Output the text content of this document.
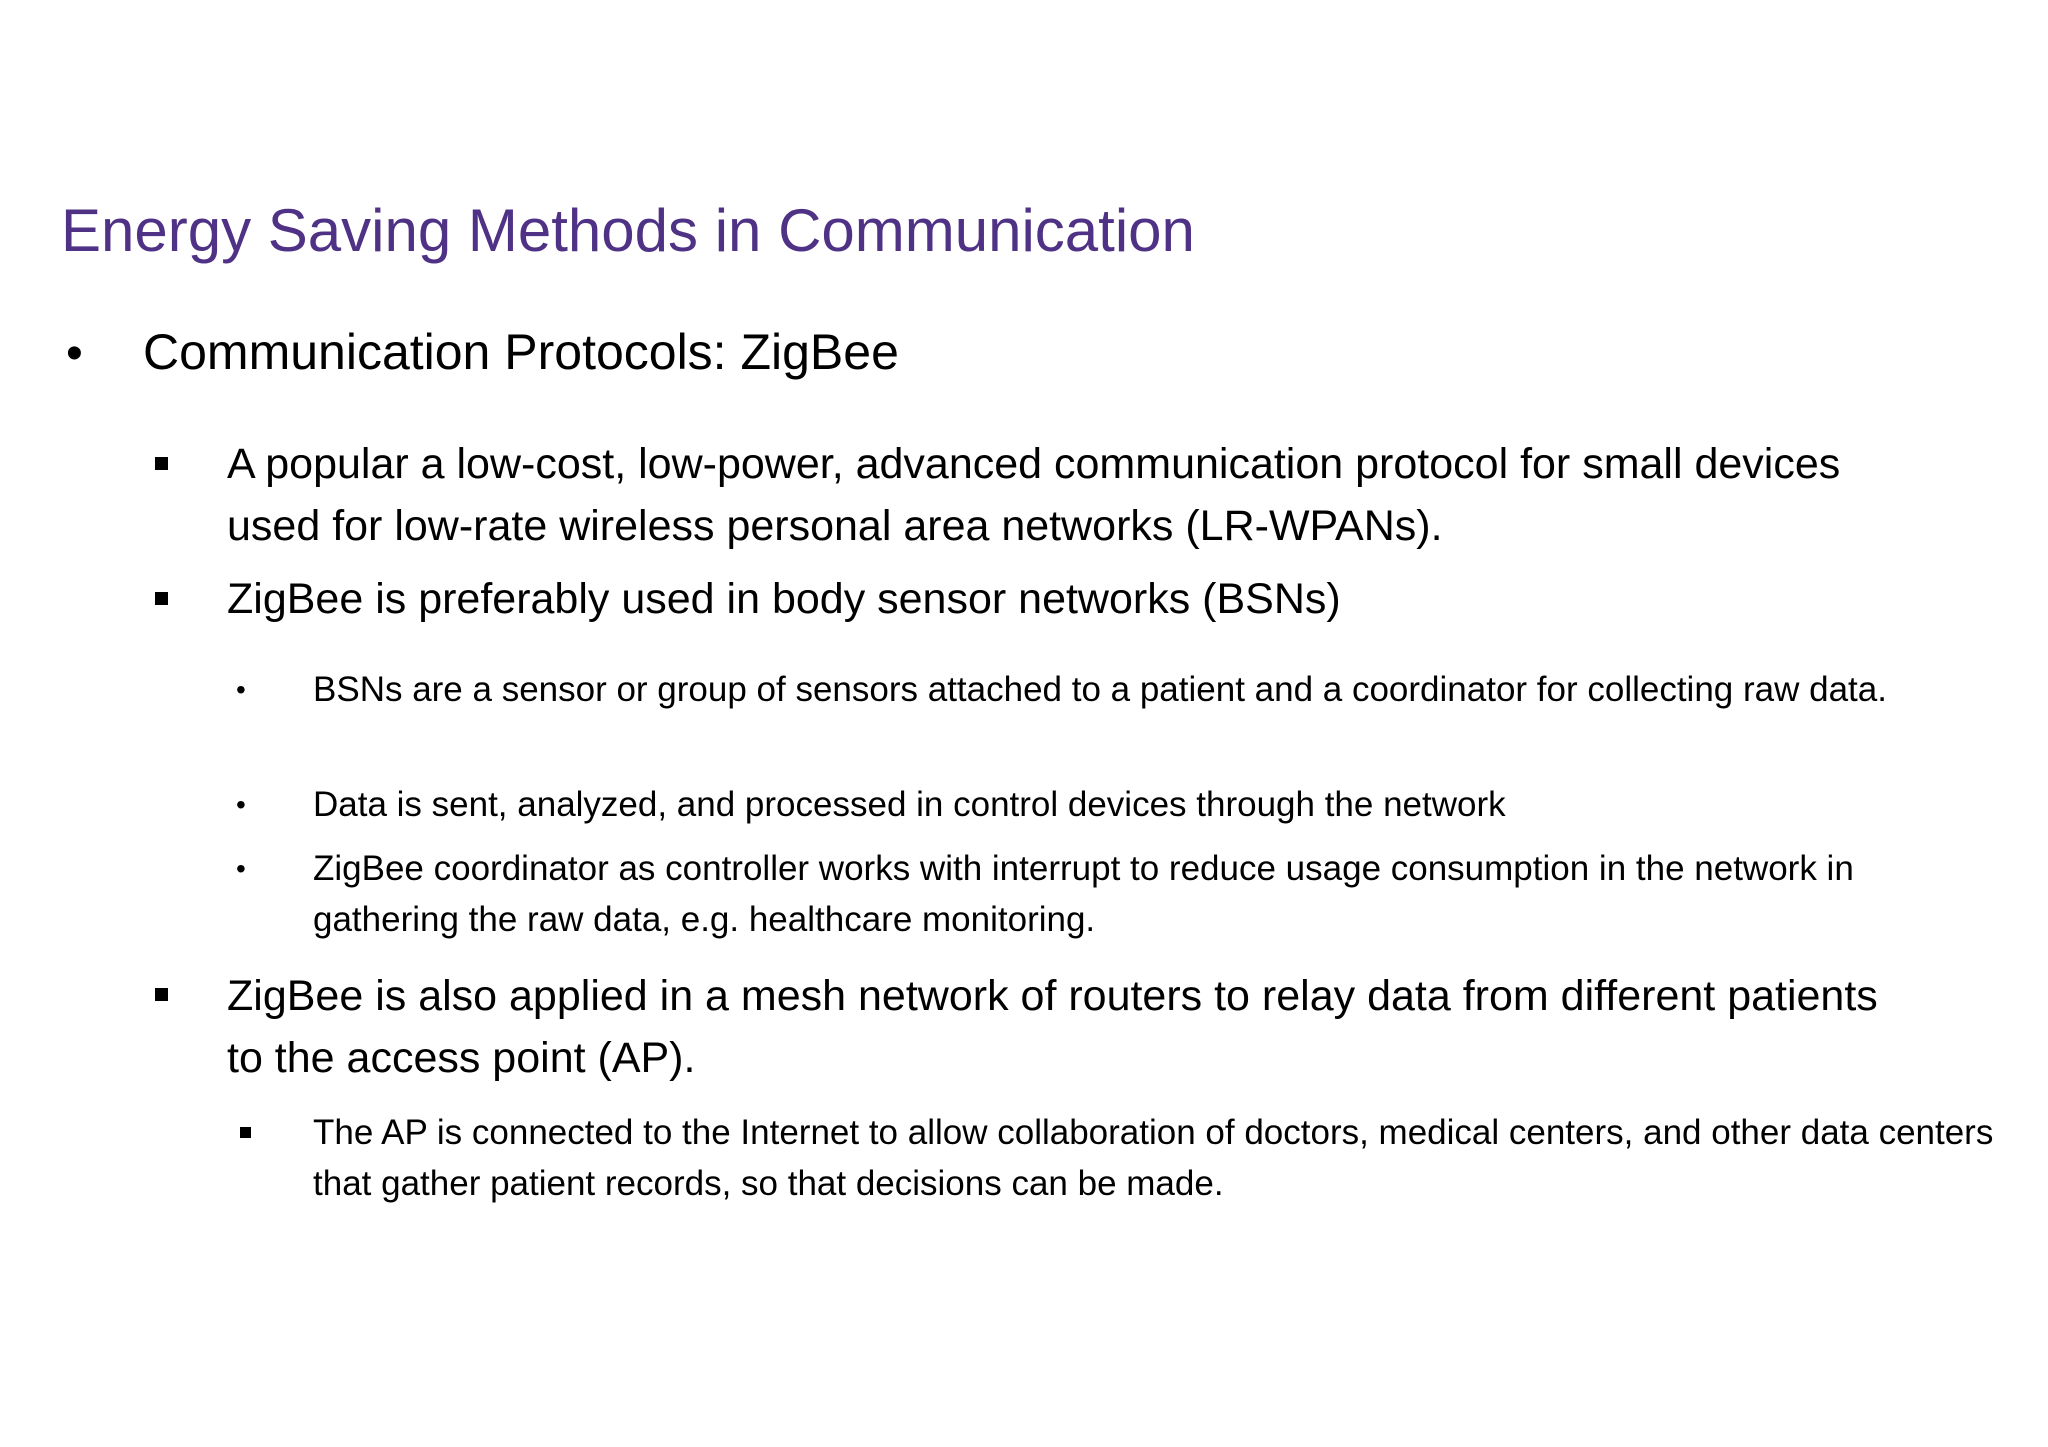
Energy Saving Methods in Communication
• Communication Protocols: ZigBee
A popular a low-cost, low-power, advanced communication protocol for small devices used for low-rate wireless personal area networks (LR-WPANs).
ZigBee is preferably used in body sensor networks (BSNs)
• BSNs are a sensor or group of sensors attached to a patient and a coordinator for collecting raw data.
• Data is sent, analyzed, and processed in control devices through the network
• ZigBee coordinator as controller works with interrupt to reduce usage consumption in the network in gathering the raw data, e.g. healthcare monitoring.
ZigBee is also applied in a mesh network of routers to relay data from different patients to the access point (AP).
The AP is connected to the Internet to allow collaboration of doctors, medical centers, and other data centers that gather patient records, so that decisions can be made.
